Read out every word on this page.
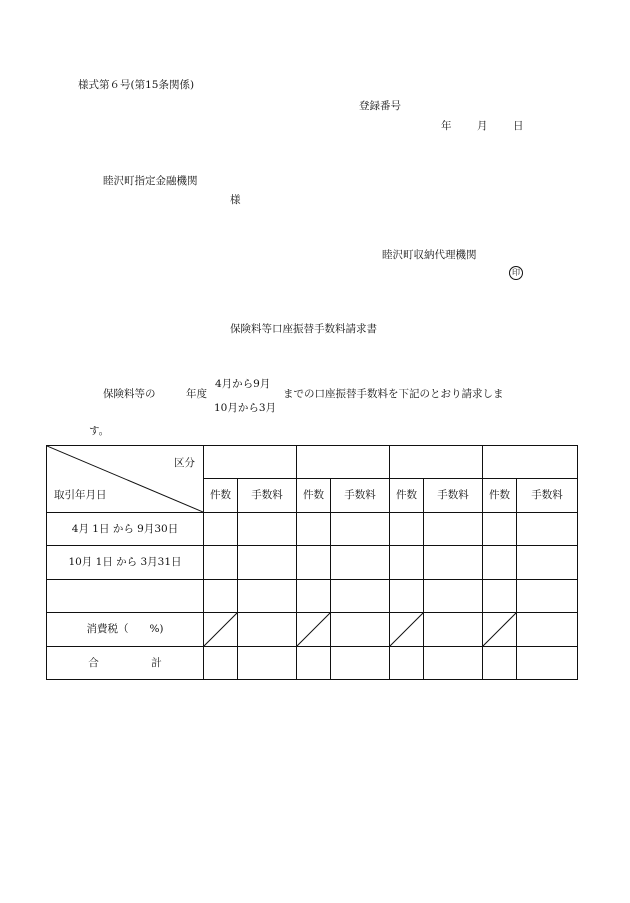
様式第６号(第15条関係)
登録番号
年 月 日
睦沢町指定金融機関
様
睦沢町収納代理機関
印
保険料等口座振替手数料請求書
保険料等の	年度
4月から9月
10月から3月
までの口座振替手数料を下記のとおり請求しま
す。
区分
取引年月日								

	件数	手数料	件数	手数料	件数	手数料	件数	手数料
4月 1日 から 9月30日								
10月 1日 から 3月31日								

消費税（　　%)	

合　　　　　計								
